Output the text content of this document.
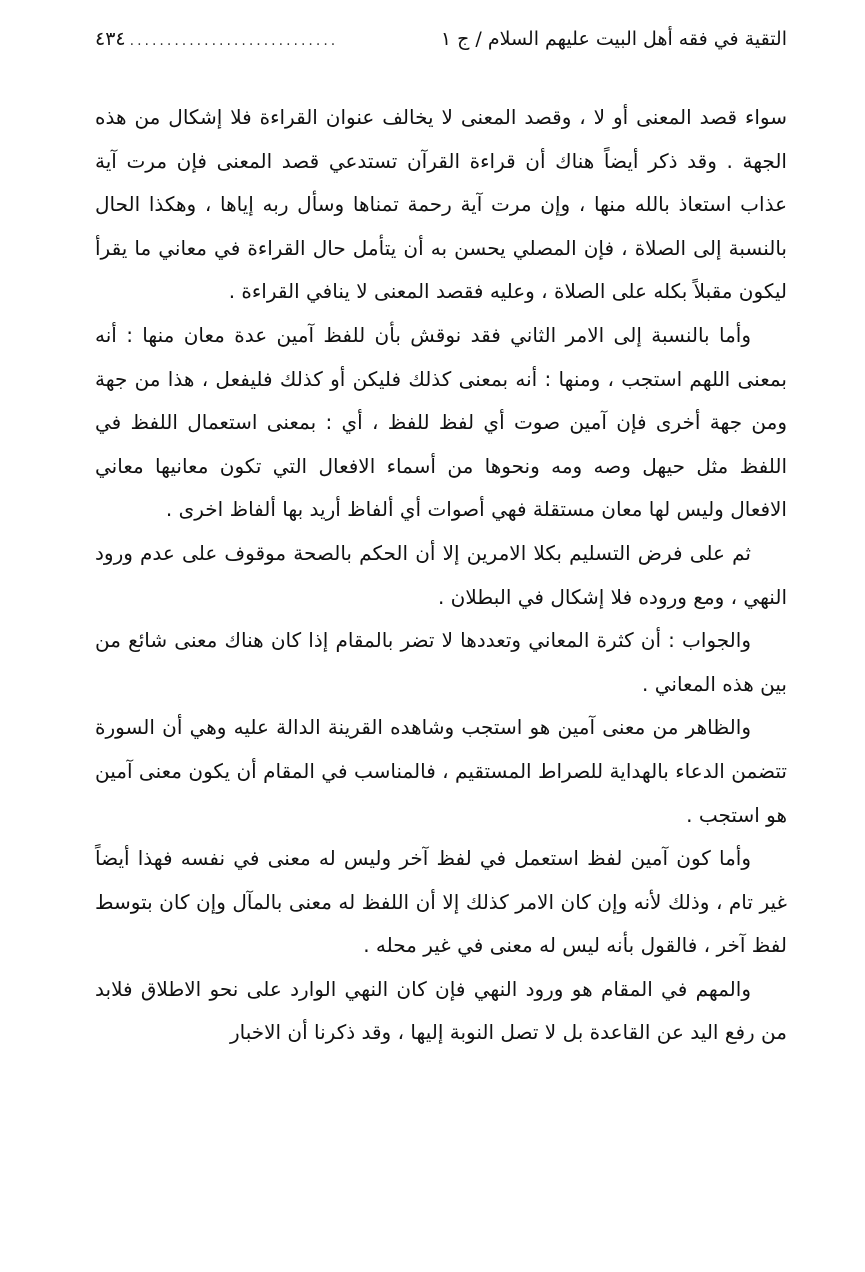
التقية في فقه أهل البيت عليهم السلام / ج ١
............................
٤٣٤

سواء قصد المعنى أو لا ، وقصد المعنى لا يخالف عنوان القراءة فلا إشكال من هذه الجهة . وقد ذكر أيضاً هناك أن قراءة القرآن تستدعي قصد المعنى فإن مرت آية عذاب استعاذ بالله منها ، وإن مرت آية رحمة تمناها وسأل ربه إياها ، وهكذا الحال بالنسبة إلى الصلاة ، فإن المصلي يحسن به أن يتأمل حال القراءة في معاني ما يقرأ ليكون مقبلاً بكله على الصلاة ، وعليه فقصد المعنى لا ينافي القراءة .

وأما بالنسبة إلى الامر الثاني فقد نوقش بأن للفظ آمين عدة معان منها : أنه بمعنى اللهم استجب ، ومنها : أنه بمعنى كذلك فليكن أو كذلك فليفعل ، هذا من جهة ومن جهة أخرى فإن آمين صوت أي لفظ للفظ ، أي : بمعنى استعمال اللفظ في اللفظ مثل حيهل وصه ومه ونحوها من أسماء الافعال التي تكون معانيها معاني الافعال وليس لها معان مستقلة فهي أصوات أي ألفاظ أريد بها ألفاظ اخرى .

ثم على فرض التسليم بكلا الامرين إلا أن الحكم بالصحة موقوف على عدم ورود النهي ، ومع وروده فلا إشكال في البطلان .

والجواب : أن كثرة المعاني وتعددها لا تضر بالمقام إذا كان هناك معنى شائع من بين هذه المعاني .

والظاهر من معنى آمين هو استجب وشاهده القرينة الدالة عليه وهي أن السورة تتضمن الدعاء بالهداية للصراط المستقيم ، فالمناسب في المقام أن يكون معنى آمين هو استجب .

وأما كون آمين لفظ استعمل في لفظ آخر وليس له معنى في نفسه فهذا أيضاً غير تام ، وذلك لأنه وإن كان الامر كذلك إلا أن اللفظ له معنى بالمآل وإن كان بتوسط لفظ آخر ، فالقول بأنه ليس له معنى في غير محله .

والمهم في المقام هو ورود النهي فإن كان النهي الوارد على نحو الاطلاق فلابد من رفع اليد عن القاعدة بل لا تصل النوبة إليها ، وقد ذكرنا أن الاخبار
